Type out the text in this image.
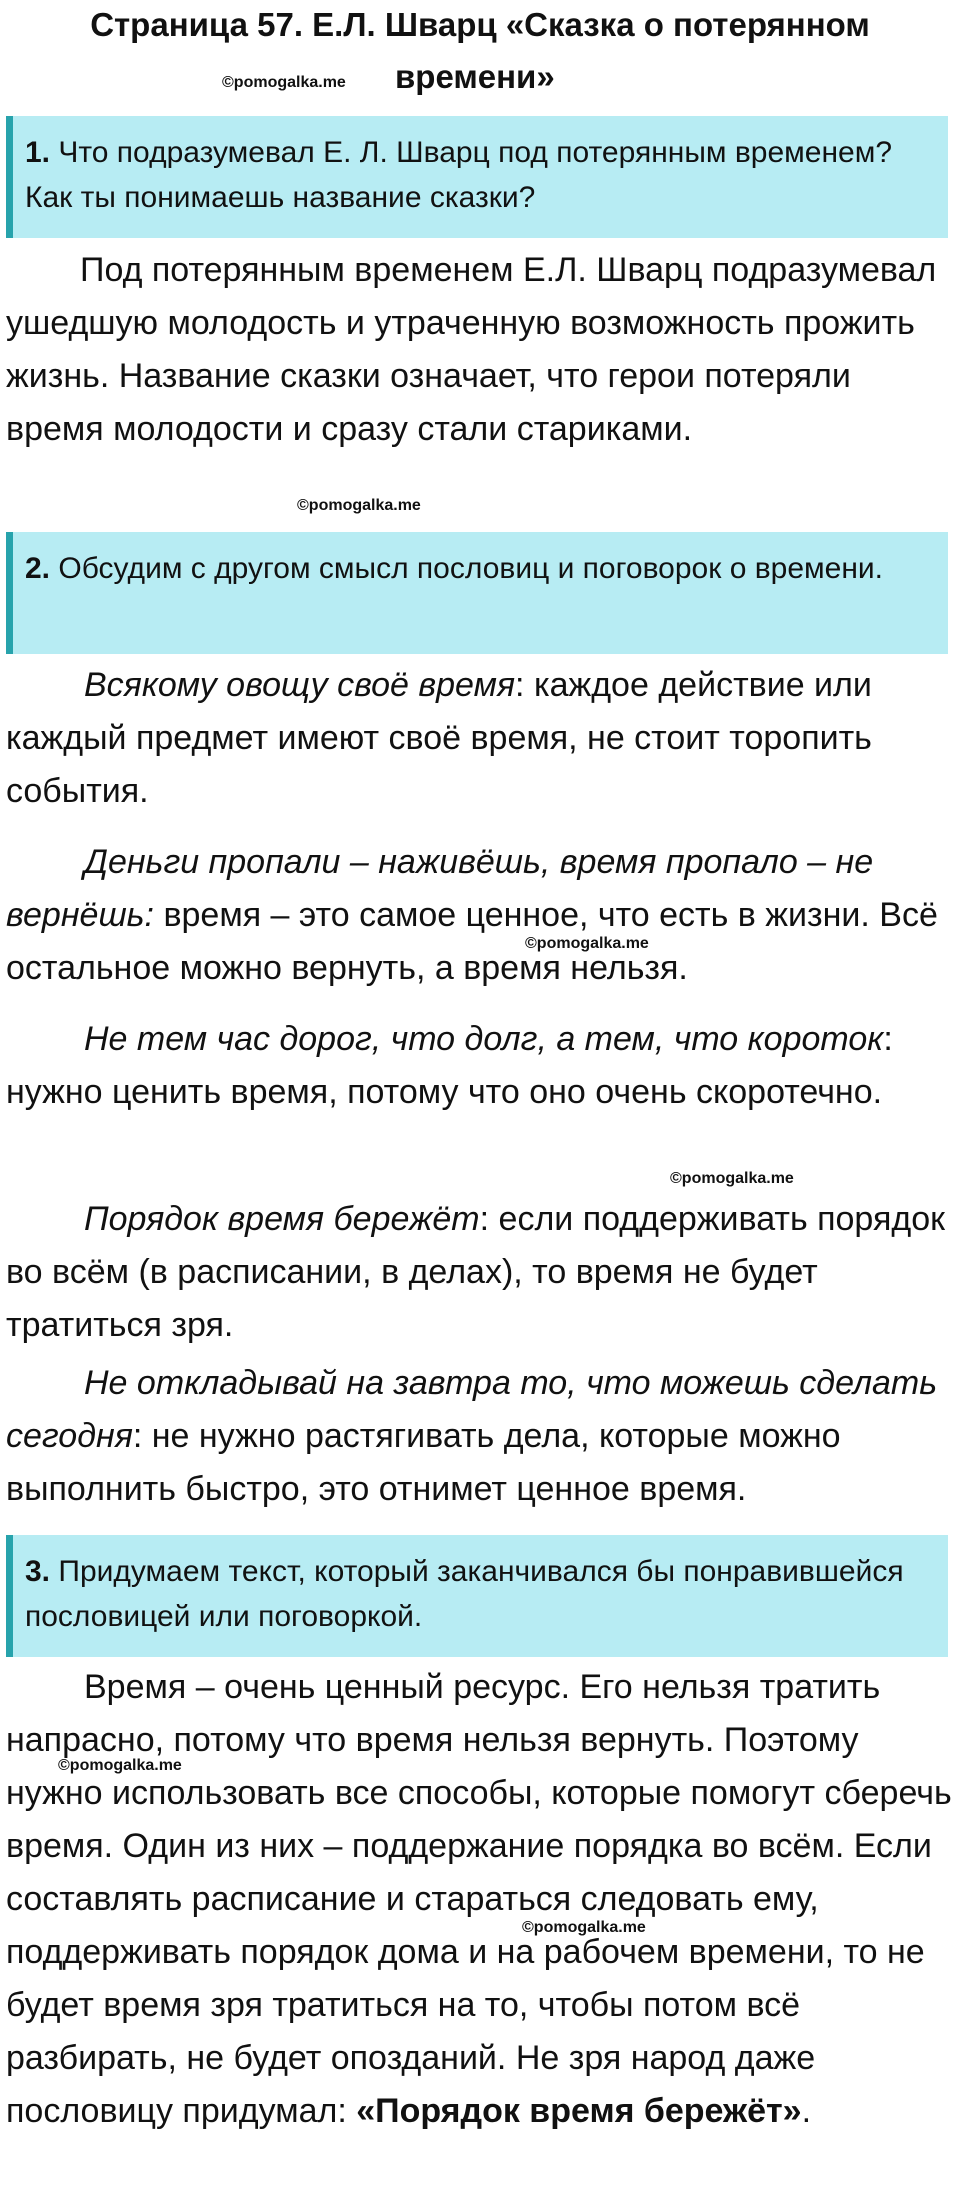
Страница 57. Е.Л. Шварц «Сказка о потерянном
времени»
©pomogalka.me
1. Что подразумевал Е. Л. Шварц под потерянным временем? Как ты понимаешь название сказки?

Под потерянным временем Е.Л. Шварц подразумевал ушедшую молодость и утраченную возможность прожить жизнь. Название сказки означает, что герои потеряли время молодости и сразу стали стариками.

©pomogalka.me
2. Обсудим с другом смысл пословиц и поговорок о времени.

Всякому овощу своё время: каждое действие или каждый предмет имеют своё время, не стоит торопить события.

Деньги пропали – наживёшь, время пропало – не вернёшь: время – это самое ценное, что есть в жизни. Всё остальное можно вернуть, а время нельзя.

©pomogalka.me

Не тем час дорог, что долг, а тем, что короток: нужно ценить время, потому что оно очень скоротечно.

©pomogalka.me

Порядок время бережёт: если поддерживать порядок во всём (в расписании, в делах), то время не будет тратиться зря.

Не откладывай на завтра то, что можешь сделать сегодня: не нужно растягивать дела, которые можно выполнить быстро, это отнимет ценное время.

3. Придумаем текст, который заканчивался бы понравившейся пословицей или поговоркой.

Время – очень ценный ресурс. Его нельзя тратить напрасно, потому что время нельзя вернуть. Поэтому нужно использовать все способы, которые помогут сберечь время. Один из них – поддержание порядка во всём. Если составлять расписание и стараться следовать ему, поддерживать порядок дома и на рабочем времени, то не будет время зря тратиться на то, чтобы потом всё разбирать, не будет опозданий. Не зря народ даже пословицу придумал: «Порядок время бережёт».

©pomogalka.me
©pomogalka.me
